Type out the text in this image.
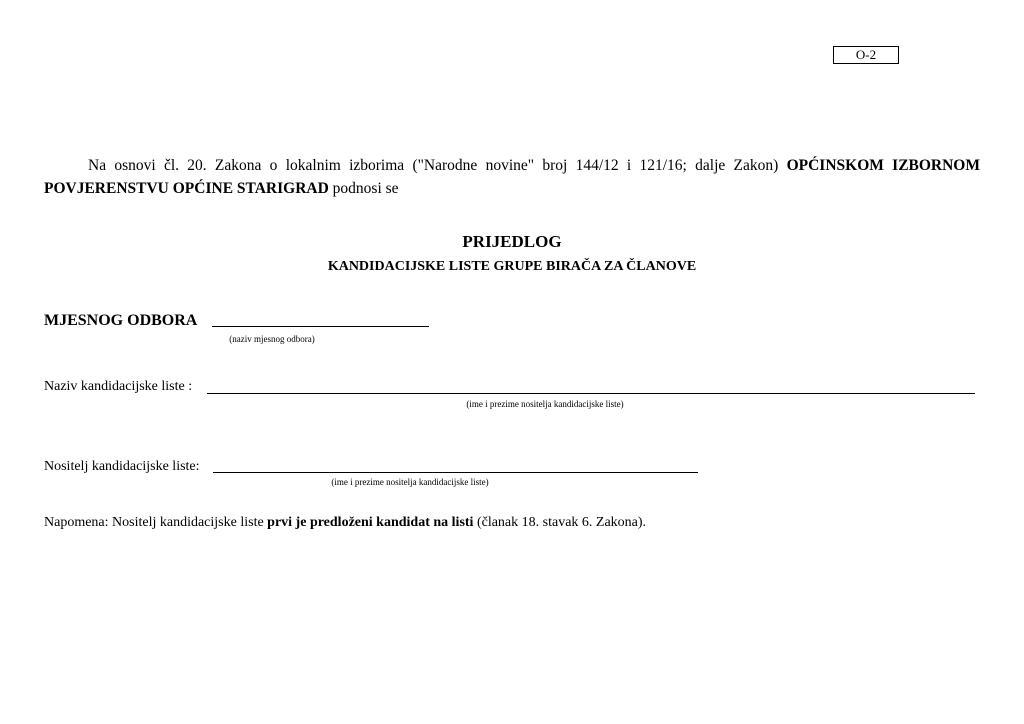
O-2

Na osnovi čl. 20. Zakona o lokalnim izborima ("Narodne novine" broj 144/12 i 121/16; dalje Zakon) OPĆINSKOM IZBORNOM POVJERENSTVU OPĆINE STARIGRAD podnosi se

PRIJEDLOG
KANDIDACIJSKE LISTE GRUPE BIRAČA ZA ČLANOVE
MJESNOG ODBORA
(naziv mjesnog odbora)
Naziv kandidacijske liste :
(ime i prezime nositelja kandidacijske liste)
Nositelj kandidacijske liste:
(ime i prezime nositelja kandidacijske liste)
Napomena: Nositelj kandidacijske liste prvi je predloženi kandidat na listi (članak 18. stavak 6. Zakona).
